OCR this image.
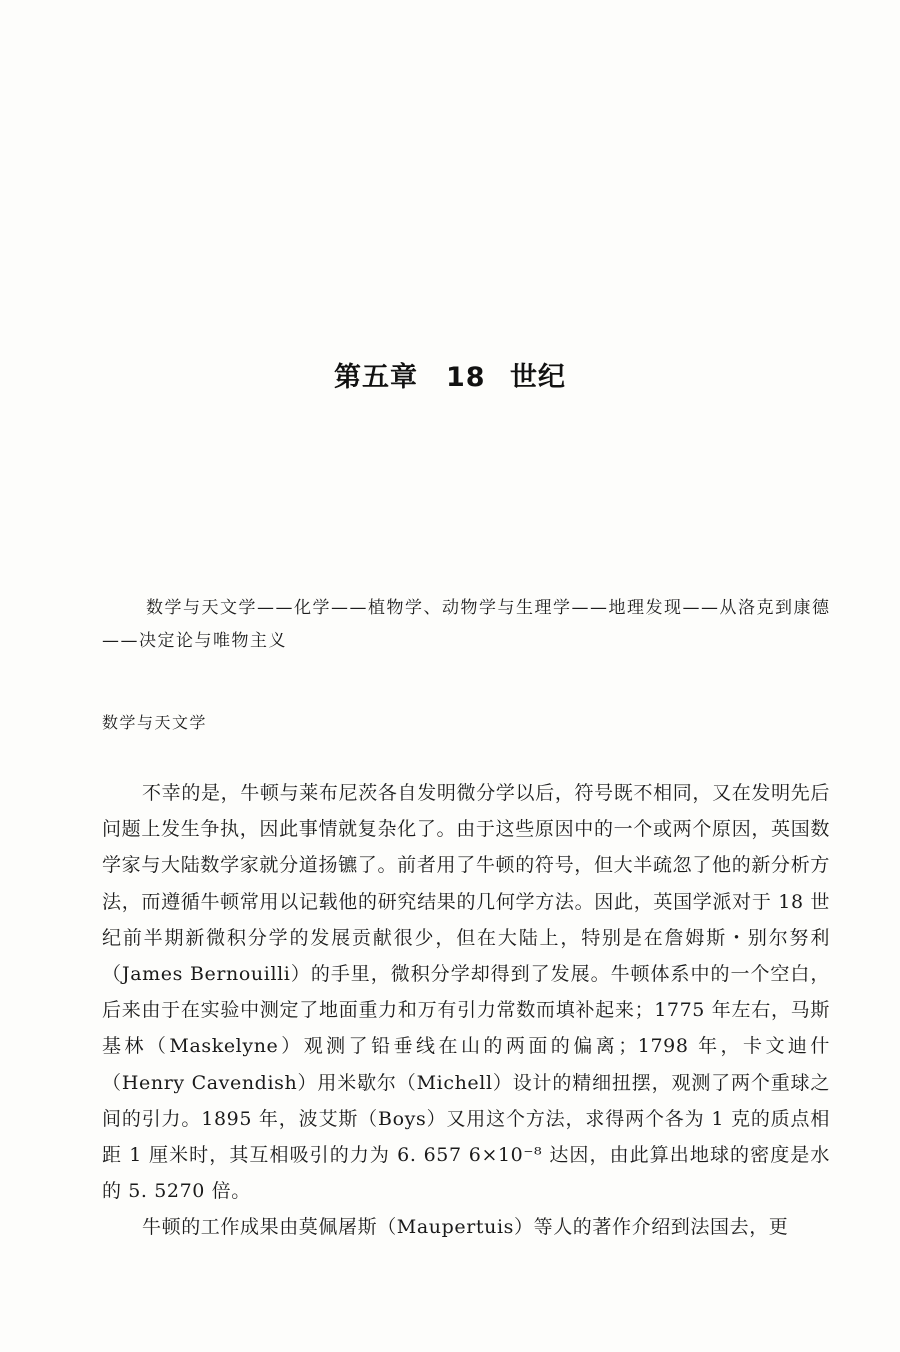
第五章　18 世纪
数学与天文学——化学——植物学、动物学与生理学——地理发现——从洛克到康德——决定论与唯物主义
数学与天文学

不幸的是，牛顿与莱布尼茨各自发明微分学以后，符号既不相同，又在发明先后问题上发生争执，因此事情就复杂化了。由于这些原因中的一个或两个原因，英国数学家与大陆数学家就分道扬镳了。前者用了牛顿的符号，但大半疏忽了他的新分析方法，而遵循牛顿常用以记载他的研究结果的几何学方法。因此，英国学派对于 18 世纪前半期新微积分学的发展贡献很少，但在大陆上，特别是在詹姆斯・别尔努利（James Bernouilli）的手里，微积分学却得到了发展。牛顿体系中的一个空白，后来由于在实验中测定了地面重力和万有引力常数而填补起来；1775 年左右，马斯基林（Maskelyne）观测了铅垂线在山的两面的偏离；1798 年，卡文迪什（Henry Cavendish）用米歇尔（Michell）设计的精细扭摆，观测了两个重球之间的引力。1895 年，波艾斯（Boys）又用这个方法，求得两个各为 1 克的质点相距 1 厘米时，其互相吸引的力为 6. 657 6×10⁻⁸ 达因，由此算出地球的密度是水的 5. 5270 倍。

牛顿的工作成果由莫佩屠斯（Maupertuis）等人的著作介绍到法国去，更
